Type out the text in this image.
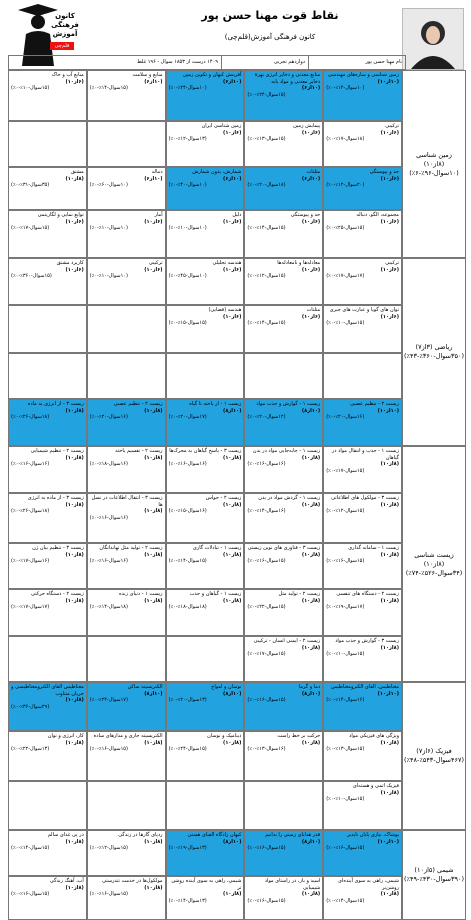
کانون فرهنگی آموزش
قلم‌چی
نقاط قوت مهنا حسن پور
کانون فرهنگی آموزش(قلم‌چی)
نام مهنا حسن پور
دوازدهم تجربی
۱۴۰۹ درست از ۱۸۵۳ سوال - ۱۹۶ غلط
زمین شناسی (۸از۱۰) (۱۰سوال-۹۶٪-۶٪)
ریاضی (۳از۷) (۳۵۰سوال-۳۶۰٪-۴۳٪)
زیست شناسی (۸از۱۰) (۳۴سوال-۵۲۶٪-۷۴٪)
فیزیک (۶از۷) (۴۶۷سوال-۵۴۳٪-۴۸٪)
شیمی (۵از۱۰) (۳۹۰سوال-۴۳۰٪-۴۹٪)
زمین شناسی و سازه‌های مهندسی
(۱۰از۱۰)
(۱۰سوال-۱۴٪-۰٪)
منابع معدنی و ذخایر انرژی بهرهٔ ذخایر معدنی و مواد پایه
(۱۰از۶)
(۱۵سوال-۲۴٪-۰٪)
آفرینش کیهان و تکوین زمین
(۱۰از۶)
(۱۰سوال-۲۴٪-۰٪)
منابع و سلامت
(۱۰از۶)
(۱۵سوال-۱۴٪-۰٪)
منابع آب و خاک
(۶از۱۰)
(۱۵سوال-۱۰٪-۰٪)
ترکیبی
(۶از۱۰)
(۱۸سوال-۱۷٪-۰٪)
پیمایش زمین
(۶از۱۰)
(۱۵سوال-۱۳٪-۰٪)
زمین شناسی ایران
(۶از۱۰)
(۱۳سوال-۱۲٪-۰٪)
حد و پیوستگی
(۶از۱۰)
(۲۰سوال-۱۲٪-۰٪)
مثلثات
(۱۰از۶)
(۱۸سوال-۲۰٪-۰٪)
شمارش، بدون شمارش
(۱۰از۶)
(۱۰سوال-۴۰٪-۰٪)
دنباله
(۱۰از۶)
(۱۰سوال-۶۰٪-۰٪)
مشتق
(۸از۱۰)
(۳۵سوال-۳۱٪-۰٪)
مجموعه، الگو، دنباله
(۶از۱۰)
(۱۵سوال-۲۵٪-۰٪)
حد و پیوستگی
(۶از۱۰)
(۱۵سوال-۱۴٪-۰٪)
دلیل
(۶از۱۰)
(۱۰سوال-۱۰٪-۰٪)
آمار
(۶از۱۰)
(۱۰سوال-۱۰٪-۰٪)
توابع نمایی و لگاریتمی
(۶از۱۰)
(۱۵سوال-۱۷٪-۰٪)
ترکیبی
(۶از۱۰)
(۱۷سوال-۱۷٪-۰٪)
معادله‌ها و نامعادله‌ها
(۶از۱۰)
(۱۵سوال-۱۲٪-۰٪)
هندسه تحلیلی
(۶از۱۰)
(۱۰سوال-۴۵٪-۰٪)
ترکیبی
(۶از۱۰)
(۱۰سوال-۱۰٪-۰٪)
کاربرد مشتق
(۶از۱۰)
(۱۵سوال-۳۶۰٪-۰٪)
توان های گویا و عبارت های جبری
(۶از۱۰)
(۱۵سوال-۱۰٪-۰٪)
مثلثات
(۶از۱۰)
(۱۵سوال-۱۴٪-۰٪)
هندسه (فضایی)
(۶از۱۰)
(۱۵سوال-۱۵٪-۰٪)
زیست ۲ - تنظیم عصبی
(۱۰از۱۰)
(۱۶سوال-۲۰٪-۰٪)
زیست ۱ - گوارش و جذب مواد
(۱۰از۸)
(۱۲سوال-۲۰٪-۰٪)
زیست ۱ - از یاخته تا گیاه
(۱۰از۸)
(۱۷سوال-۲۰٪-۰٪)
زیست ۲ - تنظیم عصبی
(۸از۱۰)
(۱۶سوال-۲۰٪-۰٪)
زیست ۳ - از انرژی به ماده
(۸از۱۰)
(۱۸سوال-۲۶٪-۰٪)
زیست ۱ - جذب و انتقال مواد در گیاهان
(۸از۱۰)
(۱۵سوال-۱۷٪-۰٪)
زیست ۱ - جابه‌جایی مواد در بدن
(۸از۱۰)
(۱۶سوال-۱۶٪-۰٪)
زیست ۳ - پاسخ گیاهان به محرک‌ها
(۸از۱۰)
(۱۶سوال-۱۶٪-۰٪)
زیست ۲ - تقسیم یاخته
(۸از۱۰)
(۱۶سوال-۱۸٪-۰٪)
زیست ۲ - تنظیم شیمیایی
(۸از۱۰)
(۱۶سوال-۱۶٪-۰٪)
زیست ۳ - مولکول های اطلاعاتی
(۸از۱۰)
(۱۵سوال-۱۲٪-۰٪)
زیست ۱ - گردش مواد در بدن
(۸از۱۰)
(۱۶سوال-۱۴٪-۰٪)
زیست ۲ - حواس
(۸از۱۰)
(۱۶سوال-۱۵٪-۰٪)
زیست ۳ - انتقال اطلاعات در نسل ها
(۸از۱۰)
(۱۶سوال-۱۶٪-۰٪)
زیست ۳ - از ماده به انرژی
(۸از۱۰)
(۱۸سوال-۲۶٪-۰٪)
زیست ۱ - سامانه گذاری
(۸از۱۰)
(۱۵سوال-۱۶٪-۰٪)
زیست ۳ - فناوری های نوین زیستی
(۸از۱۰)
(۱۵سوال-۱۶٪-۰٪)
زیست ۱ - تبادلات گازی
(۸از۱۰)
(۱۵سوال-۱۴٪-۰٪)
زیست ۲ - تولید مثل نهاندانگان
(۸از۱۰)
(۱۶سوال-۱۶٪-۰٪)
زیست ۳ - تنظیم بیان ژن
(۸از۱۰)
(۱۶سوال-۱۷٪-۰٪)
زیست ۲ - دستگاه های تنفسی
(۸از۱۰)
(۱۷سوال-۱۹٪-۰٪)
زیست ۲ - تولید مثل
(۸از۱۰)
(۱۵سوال-۲۲٪-۰٪)
زیست ۱ - گیاهان و جذب
(۸از۱۰)
(۱۸سوال-۱۸٪-۰٪)
زیست ۱ - دنیای زنده
(۸از۱۰)
(۱۸سوال-۱۴٪-۰٪)
زیست ۲ - دستگاه حرکتی
(۸از۱۰)
(۱۷سوال-۱۷٪-۰٪)
زیست ۳ - گوارش و جذب مواد
(۸از۱۰)
(۱۵سوال-۱۰٪-۰٪)
زیست ۲ - ایمنی انسان - ترکیبی
(۸از۱۰)
(۱۵سوال-۱۷٪-۰٪)
مغناطیس، القای الکترومغناطیس
(۱۰از۱۰)
(۱۶سوال-۱۴٪-۰٪)
دما و گرما
(۱۰از۸)
(۱۵سوال-۱۶٪-۰٪)
نوسان و امواج
(۱۰از۸)
(۱۳سوال-۲۰٪-۰٪)
الکتریسیته ساکن
(۱۰از۸)
(۱۷سوال-۲۴٪-۰٪)
مغناطیس القای الکترومغناطیسی و جریان متناوب
(۸از۱۰)
(۲۹سوال-۳۶٪-۰٪)
ویژگی های فیزیکی مواد
(۸از۱۰)
(۱۵سوال-۱۳٪-۰٪)
حرکت بر خط راست
(۸از۱۰)
(۱۶سوال-۱۳٪-۰٪)
دینامیک و نوسان
(۸از۱۰)
(۱۵سوال-۲۴٪-۰٪)
الکتریسیته جاری و مدارهای ساده
(۸از۱۰)
(۱۵سوال-۱۶٪-۰٪)
کار، انرژی و توان
(۸از۱۰)
(۱۳سوال-۲۲٪-۰٪)
فیزیک اتمی و هسته‌ای
(۸از۱۰)
(۱۵سوال-۱۰٪-۰٪)
پوشاک، نیازی پایان ناپذیر
(۱۰از۱۰)
(۱۵سوال-۱۶٪-۰٪)
قدر هدایای زمینی را بدانیم
(۱۰از۸)
(۱۵سوال-۱۶٪-۰٪)
کیهان زادگاه الفبای هستی
(۱۰از۸)
(۱۳سوال-۱۹٪-۰٪)
ردپای گازها در زندگی
(۸از۱۰)
(۱۵سوال-۱۲٪-۰٪)
در پی غذای سالم
(۸از۱۰)
(۱۵سوال-۱۴٪-۰٪)
شیمی، راهی به سوی آینده‌ای روشن‌تر
(۸از۱۰)
(۱۵سوال-۱۴٪-۰٪)
اسید و باز، در راستای مواد شیمیایی
(۸از۱۰)
(۱۵سوال-۱۶٪-۰٪)
شیمی، راهی به سوی آینده روشن تر
(۸از۱۰)
(۱۳سوال-۱۴٪-۰٪)
مولکول‌ها در خدمت تندرستی
(۸از۱۰)
(۱۵سوال-۱۶٪-۰٪)
آب، آهنگ زندگی
(۸از۱۰)
(۱۵سوال-۱۶٪-۰٪)
